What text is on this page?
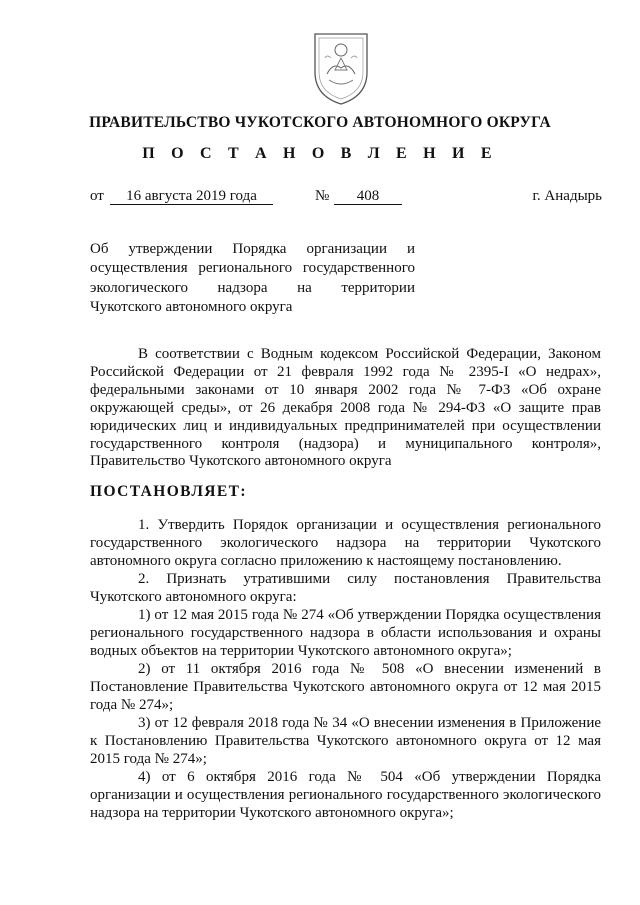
ПРАВИТЕЛЬСТВО ЧУКОТСКОГО АВТОНОМНОГО ОКРУГА
П О С Т А Н О В Л Е Н И Е
от	16 августа 2019 года	№	408	г. Анадырь
Об утверждении Порядка организации и
осуществления регионального государственного
экологического надзора на территории
Чукотского автономного округа

В соответствии с Водным кодексом Российской Федерации, Законом Российской Федерации от 21 февраля 1992 года № 2395-I «О недрах», федеральными законами от 10 января 2002 года № 7-ФЗ «Об охране окружающей среды», от 26 декабря 2008 года № 294-ФЗ «О защите прав юридических лиц и индивидуальных предпринимателей при осуществлении государственного контроля (надзора) и муниципального контроля», Правительство Чукотского автономного округа

ПОСТАНОВЛЯЕТ:

1. Утвердить Порядок организации и осуществления регионального государственного экологического надзора на территории Чукотского автономного округа согласно приложению к настоящему постановлению.

2. Признать утратившими силу постановления Правительства Чукотского автономного округа:

1) от 12 мая 2015 года № 274 «Об утверждении Порядка осуществления регионального государственного надзора в области использования и охраны водных объектов на территории Чукотского автономного округа»;

2) от 11 октября 2016 года № 508 «О внесении изменений в Постановление Правительства Чукотского автономного округа от 12 мая 2015 года № 274»;

3) от 12 февраля 2018 года № 34 «О внесении изменения в Приложение к Постановлению Правительства Чукотского автономного округа от 12 мая 2015 года № 274»;

4) от 6 октября 2016 года № 504 «Об утверждении Порядка организации и осуществления регионального государственного экологического надзора на территории Чукотского автономного округа»;
